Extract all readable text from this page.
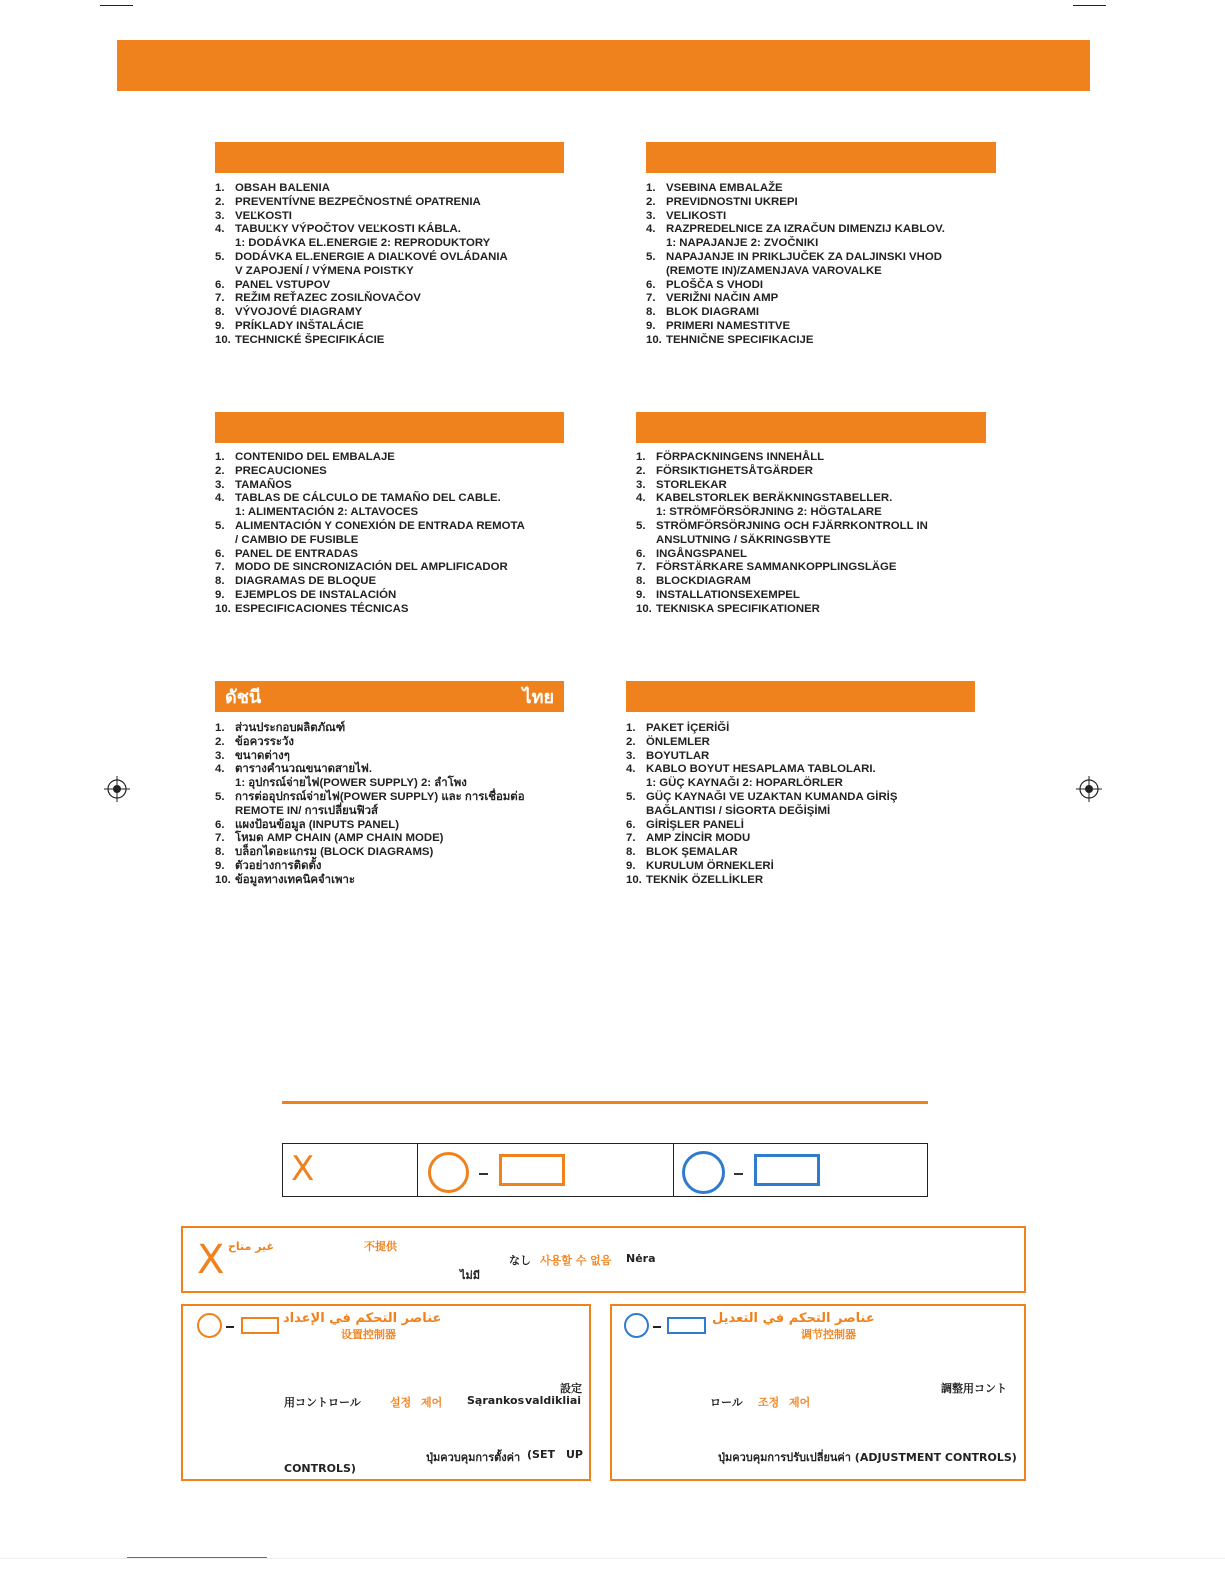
1. OBSAH BALENIA
2. PREVENTÍVNE BEZPEČNOSTNÉ OPATRENIA
3. VEĽKOSTI
4. TABUĽKY VÝPOČTOV VEĽKOSTI KÁBLA.
1: DODÁVKA EL.ENERGIE 2: REPRODUKTORY
5. DODÁVKA EL.ENERGIE A DIAĽKOVÉ OVLÁDANIA
V ZAPOJENÍ / VÝMENA POISTKY
6. PANEL VSTUPOV
7. REŽIM REŤAZEC ZOSILŇOVAČOV
8. VÝVOJOVÉ DIAGRAMY
9. PRÍKLADY INŠTALÁCIE
10. TECHNICKÉ ŠPECIFIKÁCIE
1. VSEBINA EMBALAŽE
2. PREVIDNOSTNI UKREPI
3. VELIKOSTI
4. RAZPREDELNICE ZA IZRAČUN DIMENZIJ KABLOV.
1: NAPAJANJE 2: ZVOČNIKI
5. NAPAJANJE IN PRIKLJUČEK ZA DALJINSKI VHOD
(REMOTE IN)/ZAMENJAVA VAROVALKE
6. PLOŠČA S VHODI
7. VERIŽNI NAČIN AMP
8. BLOK DIAGRAMI
9. PRIMERI NAMESTITVE
10. TEHNIČNE SPECIFIKACIJE
1. CONTENIDO DEL EMBALAJE
2. PRECAUCIONES
3. TAMAÑOS
4. TABLAS DE CÁLCULO DE TAMAÑO DEL CABLE.
1: ALIMENTACIÓN 2: ALTAVOCES
5. ALIMENTACIÓN Y CONEXIÓN DE ENTRADA REMOTA
/ CAMBIO DE FUSIBLE
6. PANEL DE ENTRADAS
7. MODO DE SINCRONIZACIÓN DEL AMPLIFICADOR
8. DIAGRAMAS DE BLOQUE
9. EJEMPLOS DE INSTALACIÓN
10. ESPECIFICACIONES TÉCNICAS
1. FÖRPACKNINGENS INNEHÅLL
2. FÖRSIKTIGHETSÅTGÄRDER
3. STORLEKAR
4. KABELSTORLEK BERÄKNINGSTABELLER.
1: STRÖMFÖRSÖRJNING 2: HÖGTALARE
5. STRÖMFÖRSÖRJNING OCH FJÄRRKONTROLL IN
ANSLUTNING / SÄKRINGSBYTE
6. INGÅNGSPANEL
7. FÖRSTÄRKARE SAMMANKOPPLINGSLÄGE
8. BLOCKDIAGRAM
9. INSTALLATIONSEXEMPEL
10. TEKNISKA SPECIFIKATIONER
ดัชนี	ไทย
1. ส่วนประกอบผลิตภัณฑ์
2. ข้อควรระวัง
3. ขนาดต่างๆ
4. ตารางคำนวณขนาดสายไฟ.
1: อุปกรณ์จ่ายไฟ(POWER SUPPLY) 2: ลำโพง
5. การต่ออุปกรณ์จ่ายไฟ(POWER SUPPLY) และ การเชื่อมต่อ
REMOTE IN/ การเปลี่ยนฟิวส์
6. แผงป้อนข้อมูล (INPUTS PANEL)
7. โหมด AMP CHAIN (AMP CHAIN MODE)
8. บล็อกไดอะแกรม (BLOCK DIAGRAMS)
9. ตัวอย่างการติดตั้ง
10. ข้อมูลทางเทคนิคจำเพาะ
1. PAKET İÇERİĞİ
2. ÖNLEMLER
3. BOYUTLAR
4. KABLO BOYUT HESAPLAMA TABLOLARI.
1: GÜÇ KAYNAĞI 2: HOPARLÖRLER
5. GÜÇ KAYNAĞI VE UZAKTAN KUMANDA GİRİŞ
BAĞLANTISI / SİGORTA DEĞİŞİMİ
6. GİRİŞLER PANELİ
7. AMP ZİNCİR MODU
8. BLOK ŞEMALAR
9. KURULUM ÖRNEKLERİ
10. TEKNİK ÖZELLİKLER
X
X غير متاح	不提供
なし 사용할 수 없음 Nėra
ไม่มี
عناصر التحكم في الإعداد
设置控制器
設定
用コントロール	설정 제어 Sąrankos valdikliai
ปุ่มควบคุมการตั้งค่า (SET UP
CONTROLS)
عناصر التحكم في التعديل
调节控制器
調整用コント
ロール 조정 제어
ปุ่มควบคุมการปรับเปลี่ยนค่า (ADJUSTMENT CONTROLS)
